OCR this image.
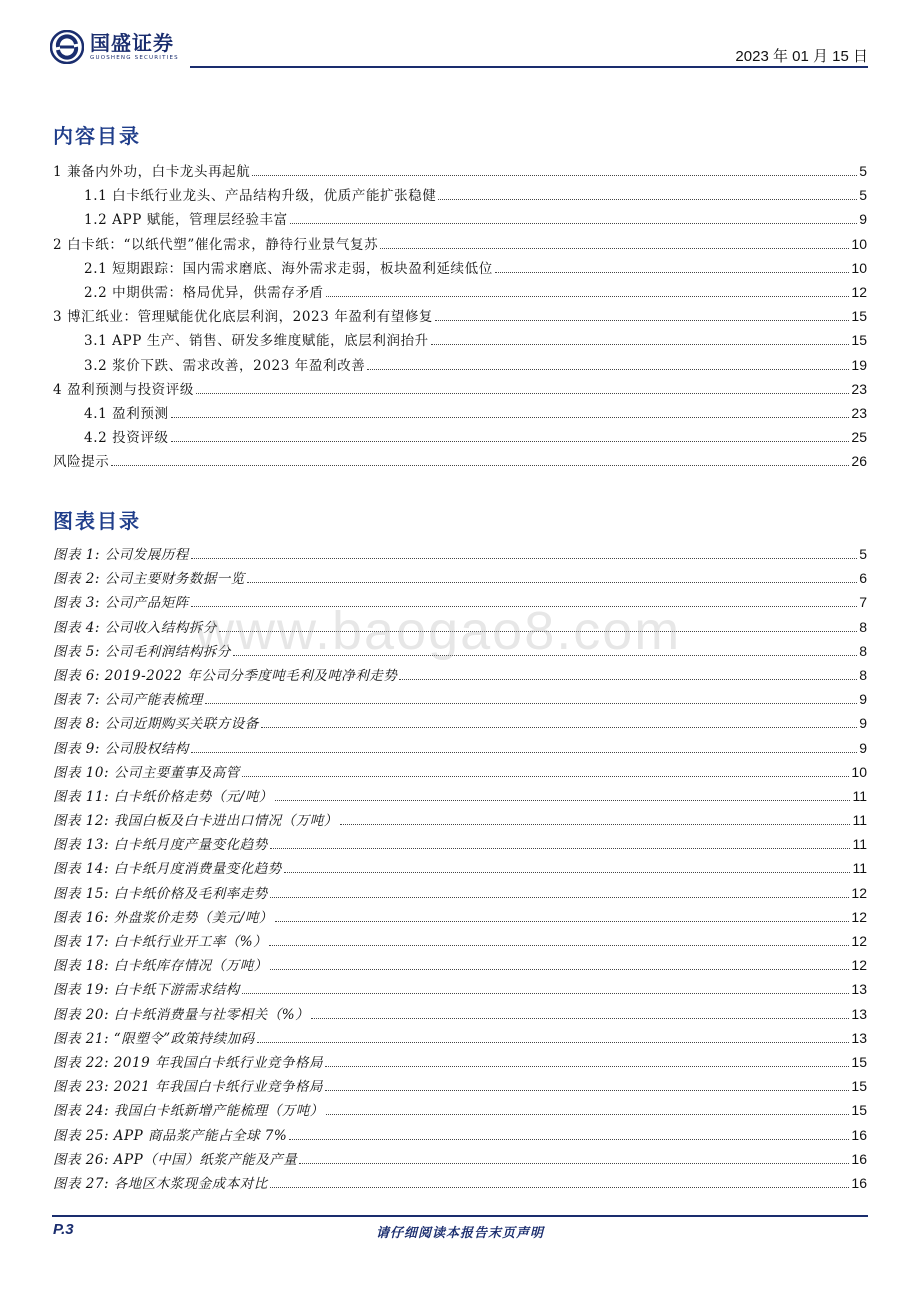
国盛证券
GUOSHENG SECURITIES	2023 年 01 月 15 日
内容目录
1 兼备内外功，白卡龙头再起航	5
1.1 白卡纸行业龙头、产品结构升级，优质产能扩张稳健	5
1.2 APP 赋能，管理层经验丰富	9
2 白卡纸：“以纸代塑”催化需求，静待行业景气复苏	10
2.1 短期跟踪：国内需求磨底、海外需求走弱，板块盈利延续低位	10
2.2 中期供需：格局优异，供需存矛盾	12
3 博汇纸业：管理赋能优化底层利润，2023 年盈利有望修复	15
3.1 APP 生产、销售、研发多维度赋能，底层利润抬升	15
3.2 浆价下跌、需求改善，2023 年盈利改善	19
4 盈利预测与投资评级	23
4.1 盈利预测	23
4.2 投资评级	25
风险提示	26
图表目录
图表 1: 公司发展历程	5
图表 2: 公司主要财务数据一览	6
图表 3: 公司产品矩阵	7
图表 4: 公司收入结构拆分	8
图表 5: 公司毛利润结构拆分	8
图表 6: 2019-2022 年公司分季度吨毛利及吨净利走势	8
图表 7: 公司产能表梳理	9
图表 8: 公司近期购买关联方设备	9
图表 9: 公司股权结构	9
图表 10: 公司主要董事及高管	10
图表 11: 白卡纸价格走势（元/吨）	11
图表 12: 我国白板及白卡进出口情况（万吨）	11
图表 13: 白卡纸月度产量变化趋势	11
图表 14: 白卡纸月度消费量变化趋势	11
图表 15: 白卡纸价格及毛利率走势	12
图表 16: 外盘浆价走势（美元/吨）	12
图表 17: 白卡纸行业开工率（%）	12
图表 18: 白卡纸库存情况（万吨）	12
图表 19: 白卡纸下游需求结构	13
图表 20: 白卡纸消费量与社零相关（%）	13
图表 21: “限塑令”政策持续加码	13
图表 22: 2019 年我国白卡纸行业竞争格局	15
图表 23: 2021 年我国白卡纸行业竞争格局	15
图表 24: 我国白卡纸新增产能梳理（万吨）	15
图表 25: APP 商品浆产能占全球 7%	16
图表 26: APP（中国）纸浆产能及产量	16
图表 27: 各地区木浆现金成本对比	16
www.baogao8.com
P.3	请仔细阅读本报告末页声明
